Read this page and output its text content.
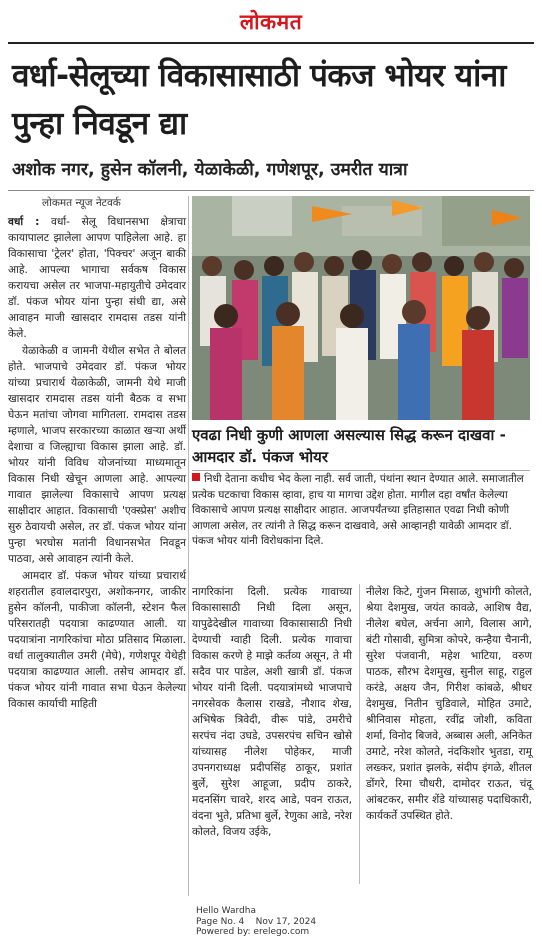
लोकमत
वर्धा-सेलूच्या विकासासाठी पंकज भोयर यांना पुन्हा निवडून द्या
अशोक नगर, हुसेन कॉलनी, येळाकेळी, गणेशपूर, उमरीत यात्रा
लोकमत न्यूज नेटवर्क

वर्धा : वर्धा- सेलू विधानसभा क्षेत्राचा कायापालट झालेला आपण पाहिलेला आहे. हा विकासाचा 'ट्रेलर' होता, 'पिक्चर' अजून बाकी आहे. आपल्या भागाचा सर्वकष विकास करायचा असेल तर भाजपा-महायुतीचे उमेदवार डॉ. पंकज भोयर यांना पुन्हा संधी द्या, असे आवाहन माजी खासदार रामदास तडस यांनी केले.

येळाकेळी व जामनी येथील सभेत ते बोलत होते. भाजपाचे उमेदवार डॉ. पंकज भोयर यांच्या प्रचारार्थ येळाकेळी, जामनी येथे माजी खासदार रामदास तडस यांनी बैठक व सभा घेऊन मतांचा जोगवा मागितला. रामदास तडस म्हणाले, भाजप सरकारच्या काळात खऱ्या अर्थी देशाचा व जिल्ह्याचा विकास झाला आहे. डॉ. भोयर यांनी विविध योजनांच्या माध्यमातून विकास निधी खेचून आणला आहे. आपल्या गावात झालेल्या विकासाचे आपण प्रत्यक्ष साक्षीदार आहात. विकासाची 'एक्स्प्रेस' अशीच सुरु ठेवायची असेल, तर डॉ. पंकज भोयर यांना पुन्हा भरघोस मतांनी विधानसभेत निवडून पाठवा, असे आवाहन त्यांनी केले.

आमदार डॉ. पंकज भोयर यांच्या प्रचारार्थ शहरातील हवालदारपुरा, अशोकनगर, जाकीर हुसेन कॉलनी, पाकीजा कॉलनी, स्टेशन फैल परिसरातही पदयात्रा काढण्यात आली. या पदयात्रांना नागरिकांचा मोठा प्रतिसाद मिळाला. वर्धा तालुक्यातील उमरी (मेघे), गणेशपूर येथेही पदयात्रा काढण्यात आली. तसेच आमदार डॉ. पंकज भोयर यांनी गावात सभा घेऊन केलेल्या विकास कार्याची माहिती

एवढा निधी कुणी आणला असल्यास सिद्ध करून दाखवा - आमदार डॉ. पंकज भोयर
निधी देताना कधीच भेद केला नाही. सर्व जाती, पंथांना स्थान देण्यात आले. समाजातील प्रत्येक घटकाचा विकास व्हावा, हाच या मागचा उद्देश होता. मागील दहा वर्षांत केलेल्या विकासाचे आपण प्रत्यक्ष साक्षीदार आहात. आजपर्यंतच्या इतिहासात एवढा निधी कोणी आणला असेल, तर त्यांनी ते सिद्ध करून दाखवावे, असे आव्हानही यावेळी आमदार डॉ. पंकज भोयर यांनी विरोधकांना दिले.

नागरिकांना दिली. प्रत्येक गावाच्या विकासासाठी निधी दिला असून, यापुढेदेखील गावाच्या विकासासाठी निधी देण्याची ग्वाही दिली. प्रत्येक गावाचा विकास करणे हे माझे कर्तव्य असून, ते मी सदैव पार पाडेल, अशी खात्री डॉ. पंकज भोयर यांनी दिली. पदयात्रांमध्ये भाजपाचे नगरसेवक कैलास राखडे, नौशाद शेख, अभिषेक त्रिवेदी, वीरू पांडे, उमरीचे सरपंच नंदा उघडे, उपसरपंच सचिन खोसे यांच्यासह नीलेश पोहेकर, माजी उपनगराध्यक्ष प्रदीपसिंह ठाकूर, प्रशांत बुर्ले, सुरेश आहूजा, प्रदीप ठाकरे, मदनसिंग चावरे, शरद आडे, पवन राऊत, वंदना भुते, प्रतिभा बुर्ले, रेणुका आडे, नरेश कोलते, विजय उईके,

नीलेश किटे, गुंजन मिसाळ, शुभांगी कोलते, श्रेया देशमुख, जयंत कावळे, आशिष वैद्य, नीलेश बघेल, अर्चना आगे, विलास आगे, बंटी गोसावी, सुमित्रा कोपरे, कन्हैया चैनानी, सुरेश पंजवानी, महेश भाटिया, वरुण पाठक, सौरभ देशमुख, सुनील साहू, राहुल करंडे, अक्षय जैन, गिरीश कांबळे, श्रीधर देशमुख, नितीन चुडिवाले, मोहित उमाटे, श्रीनिवास मोहता, रवींद्र जोशी, कविता शर्मा, विनोद बिजवे, अब्बास अली, अनिकेत उमाटे, नरेश कोलते, नंदकिशोर भुतडा, रामू लख्कर, प्रशांत झलके, संदीप इंगळे, शीतल डोंगरे, रिमा चौधरी, दामोदर राऊत, चंदू आंबटकर, समीर शेंडे यांच्यासह पदाधिकारी, कार्यकर्ते उपस्थित होते.

Hello Wardha
Page No. 4    Nov 17, 2024
Powered by: erelego.com
